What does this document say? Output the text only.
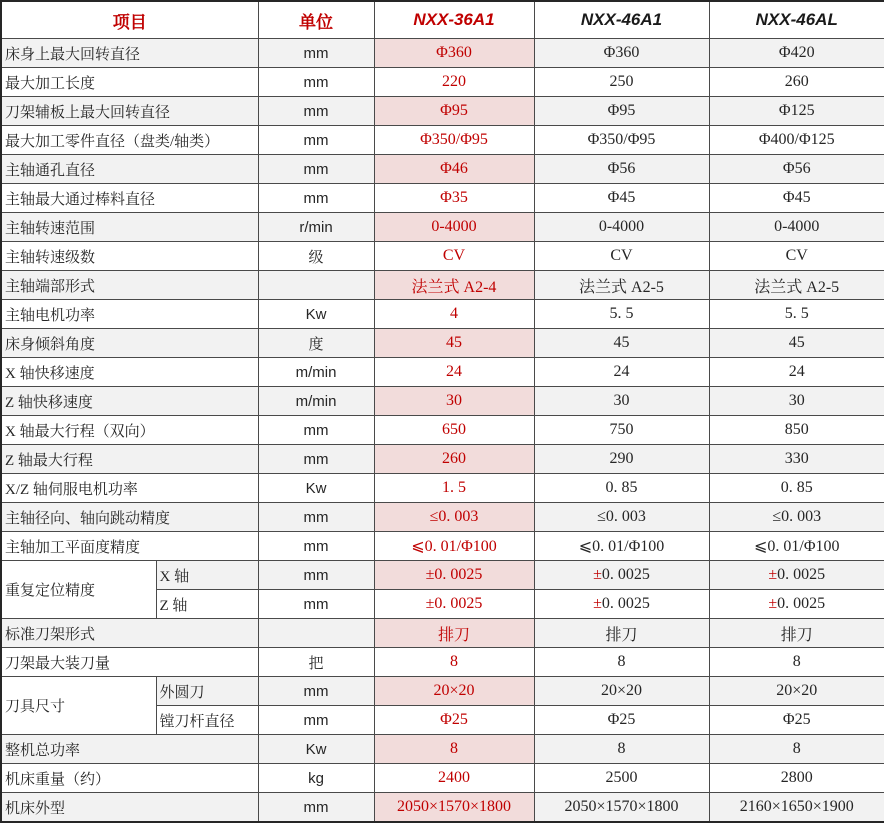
项目		单位	NXX-36A1	NXX-46A1	NXX-46AL
床身上最大回转直径		mm	Φ360	Φ360	Φ420
最大加工长度		mm	220	250	260
刀架辅板上最大回转直径		mm	Φ95	Φ95	Φ125
最大加工零件直径（盘类/轴类）		mm	Φ350/Φ95	Φ350/Φ95	Φ400/Φ125
主轴通孔直径		mm	Φ46	Φ56	Φ56
主轴最大通过棒料直径		mm	Φ35	Φ45	Φ45
主轴转速范围		r/min	0-4000	0-4000	0-4000
主轴转速级数		级	CV	CV	CV
主轴端部形式			法兰式 A2-4	法兰式 A2-5	法兰式 A2-5
主轴电机功率		Kw	4	5. 5	5. 5
床身倾斜角度		度	45	45	45
X 轴快移速度		m/min	24	24	24
Z 轴快移速度		m/min	30	30	30
X 轴最大行程（双向）		mm	650	750	850
Z 轴最大行程		mm	260	290	330
X/Z 轴伺服电机功率		Kw	1. 5	0. 85	0. 85
主轴径向、轴向跳动精度		mm	≤0. 003	≤0. 003	≤0. 003
主轴加工平面度精度		mm	⩽0. 01/Φ100	⩽0. 01/Φ100	⩽0. 01/Φ100
重复定位精度	X 轴	mm	±0. 0025	±0. 0025	±0. 0025
	Z 轴	mm	±0. 0025	±0. 0025	±0. 0025
标准刀架形式			排刀	排刀	排刀
刀架最大装刀量		把	8	8	8
刀具尺寸	外圆刀	mm	20×20	20×20	20×20
	镗刀杆直径	mm	Φ25	Φ25	Φ25
整机总功率		Kw	8	8	8
机床重量（约）		kg	2400	2500	2800
机床外型		mm	2050×1570×1800	2050×1570×1800	2160×1650×1900
